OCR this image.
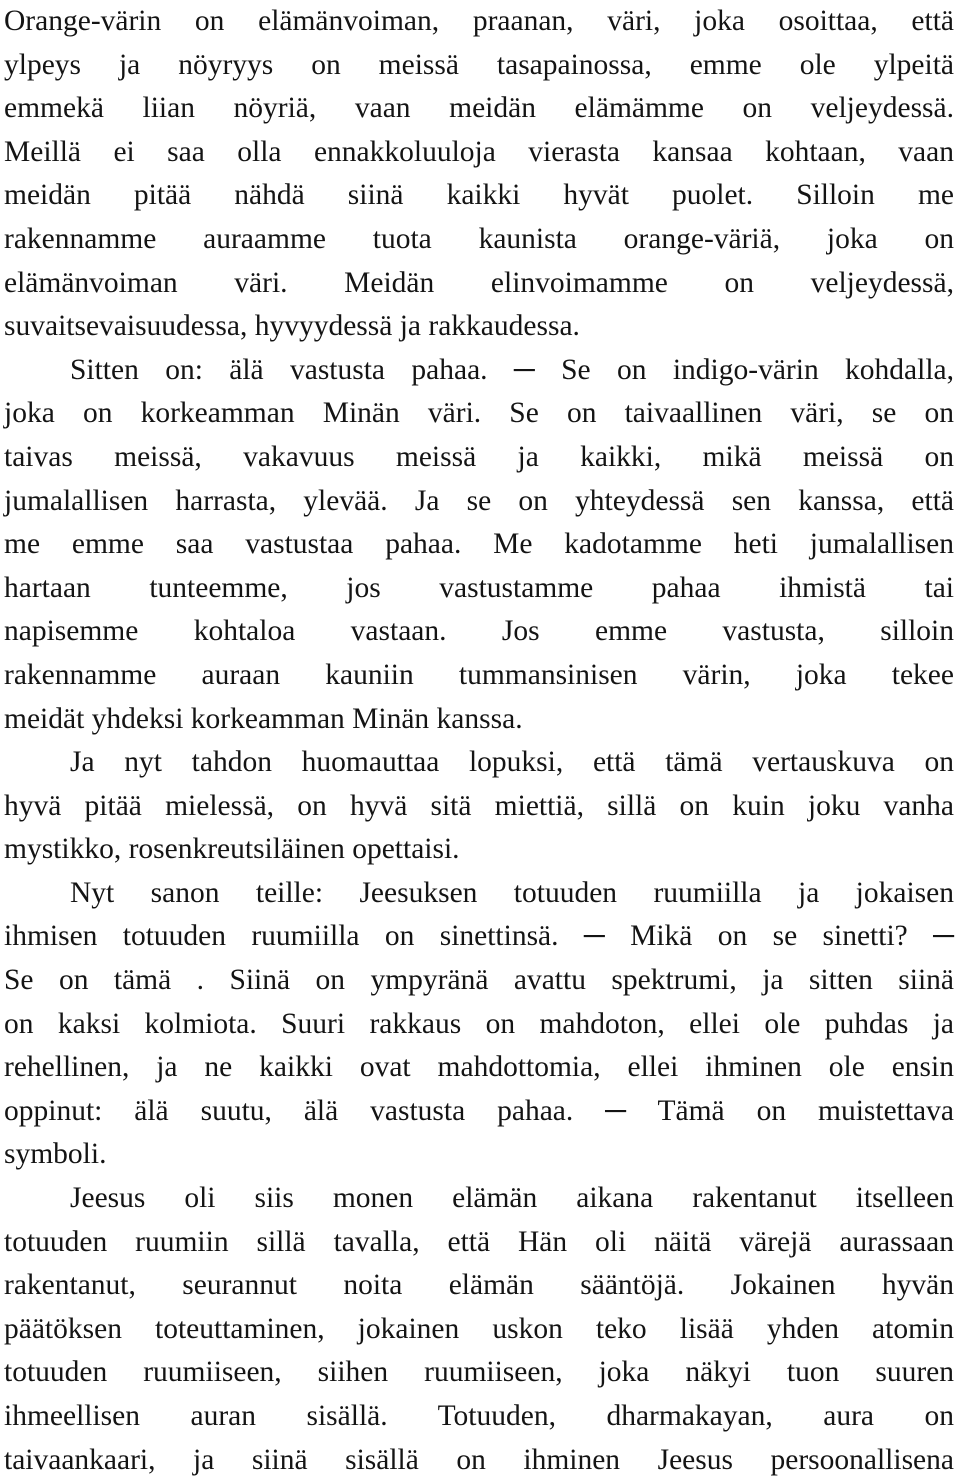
Orange-värin on elämänvoiman, praanan, väri, joka osoittaa, että
ylpeys ja nöyryys on meissä tasapainossa, emme ole ylpeitä
emmekä liian nöyriä, vaan meidän elämämme on veljeydessä.
Meillä ei saa olla ennakkoluuloja vierasta kansaa kohtaan, vaan
meidän pitää nähdä siinä kaikki hyvät puolet. Silloin me
rakennamme auraamme tuota kaunista orange-väriä, joka on
elämänvoiman väri. Meidän elinvoimamme on veljeydessä,
suvaitsevaisuudessa, hyvyydessä ja rakkaudessa.
Sitten on: älä vastusta pahaa. ─ Se on indigo-värin kohdalla,
joka on korkeamman Minän väri. Se on taivaallinen väri, se on
taivas meissä, vakavuus meissä ja kaikki, mikä meissä on
jumalallisen harrasta, ylevää. Ja se on yhteydessä sen kanssa, että
me emme saa vastustaa pahaa. Me kadotamme heti jumalallisen
hartaan tunteemme, jos vastustamme pahaa ihmistä tai
napisemme kohtaloa vastaan. Jos emme vastusta, silloin
rakennamme auraan kauniin tummansinisen värin, joka tekee
meidät yhdeksi korkeamman Minän kanssa.
Ja nyt tahdon huomauttaa lopuksi, että tämä vertauskuva on
hyvä pitää mielessä, on hyvä sitä miettiä, sillä on kuin joku vanha
mystikko, rosenkreutsiläinen opettaisi.
Nyt sanon teille: Jeesuksen totuuden ruumiilla ja jokaisen
ihmisen totuuden ruumiilla on sinettinsä. ─ Mikä on se sinetti? ─
Se on tämä . Siinä on ympyränä avattu spektrumi, ja sitten siinä
on kaksi kolmiota. Suuri rakkaus on mahdoton, ellei ole puhdas ja
rehellinen, ja ne kaikki ovat mahdottomia, ellei ihminen ole ensin
oppinut: älä suutu, älä vastusta pahaa. ─ Tämä on muistettava
symboli.
Jeesus oli siis monen elämän aikana rakentanut itselleen
totuuden ruumiin sillä tavalla, että Hän oli näitä värejä aurassaan
rakentanut, seurannut noita elämän sääntöjä. Jokainen hyvän
päätöksen toteuttaminen, jokainen uskon teko lisää yhden atomin
totuuden ruumiiseen, siihen ruumiiseen, joka näkyi tuon suuren
ihmeellisen auran sisällä. Totuuden, dharmakayan, aura on
taivaankaari, ja siinä sisällä on ihminen Jeesus persoonallisena
